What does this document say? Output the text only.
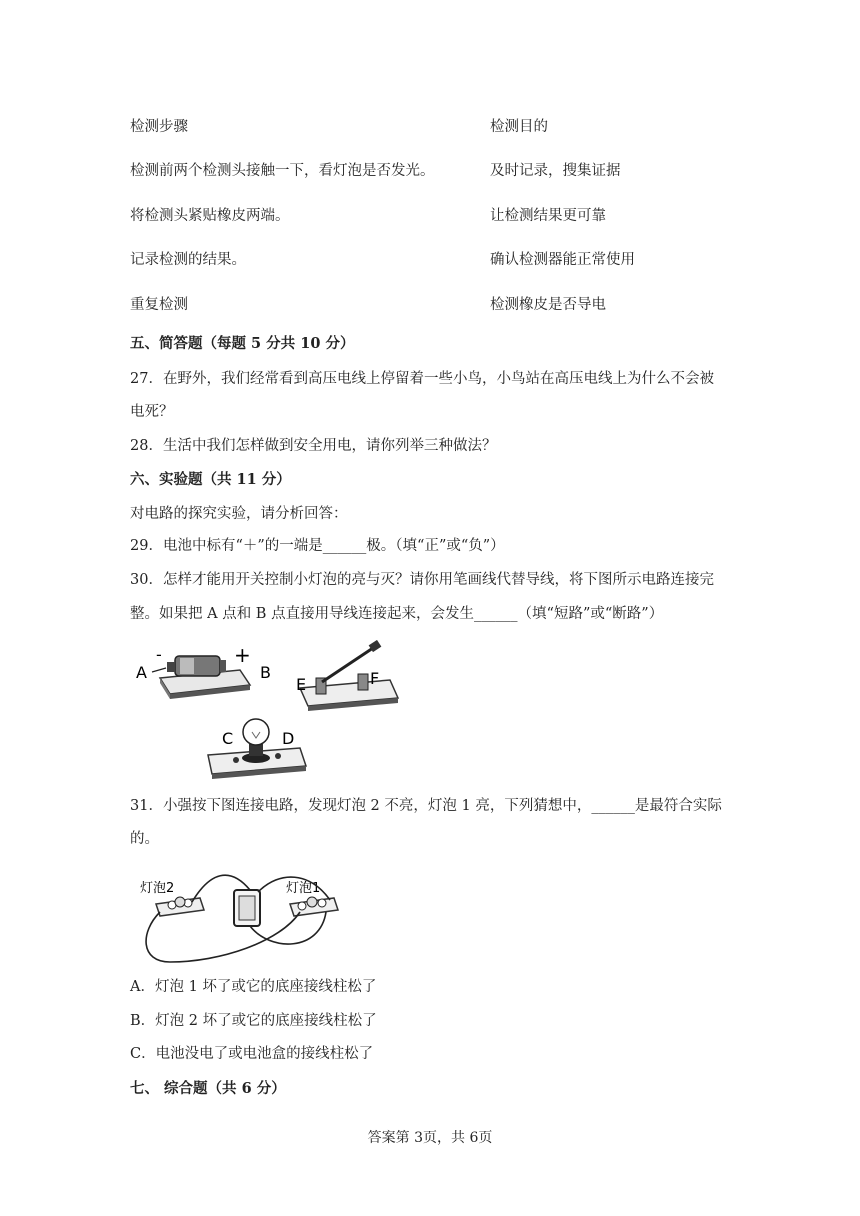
检测步骤	检测目的
检测前两个检测头接触一下，看灯泡是否发光。	及时记录，搜集证据
将检测头紧贴橡皮两端。	让检测结果更可靠
记录检测的结果。	确认检测器能正常使用
重复检测	检测橡皮是否导电
五、简答题（每题 5 分共 10 分）
27．在野外，我们经常看到高压电线上停留着一些小鸟，小鸟站在高压电线上为什么不会被
电死？
28．生活中我们怎样做到安全用电，请你列举三种做法？
六、实验题（共 11 分）
对电路的探究实验，请分析回答：
29．电池中标有“＋”的一端是______极。（填“正”或“负”）
30．怎样才能用开关控制小灯泡的亮与灭？请你用笔画线代替导线，将下图所示电路连接完
整。如果把 A 点和 B 点直接用导线连接起来，会发生______（填“短路”或“断路”）
A
-	+
B
E	F
C	D
31．小强按下图连接电路，发现灯泡 2 不亮，灯泡 1 亮，下列猜想中，______是最符合实际
的。
灯泡2	灯泡1
A．灯泡 1 坏了或它的底座接线柱松了
B．灯泡 2 坏了或它的底座接线柱松了
C．电池没电了或电池盒的接线柱松了
七、 综合题（共 6 分）
答案第 3页，共 6页
